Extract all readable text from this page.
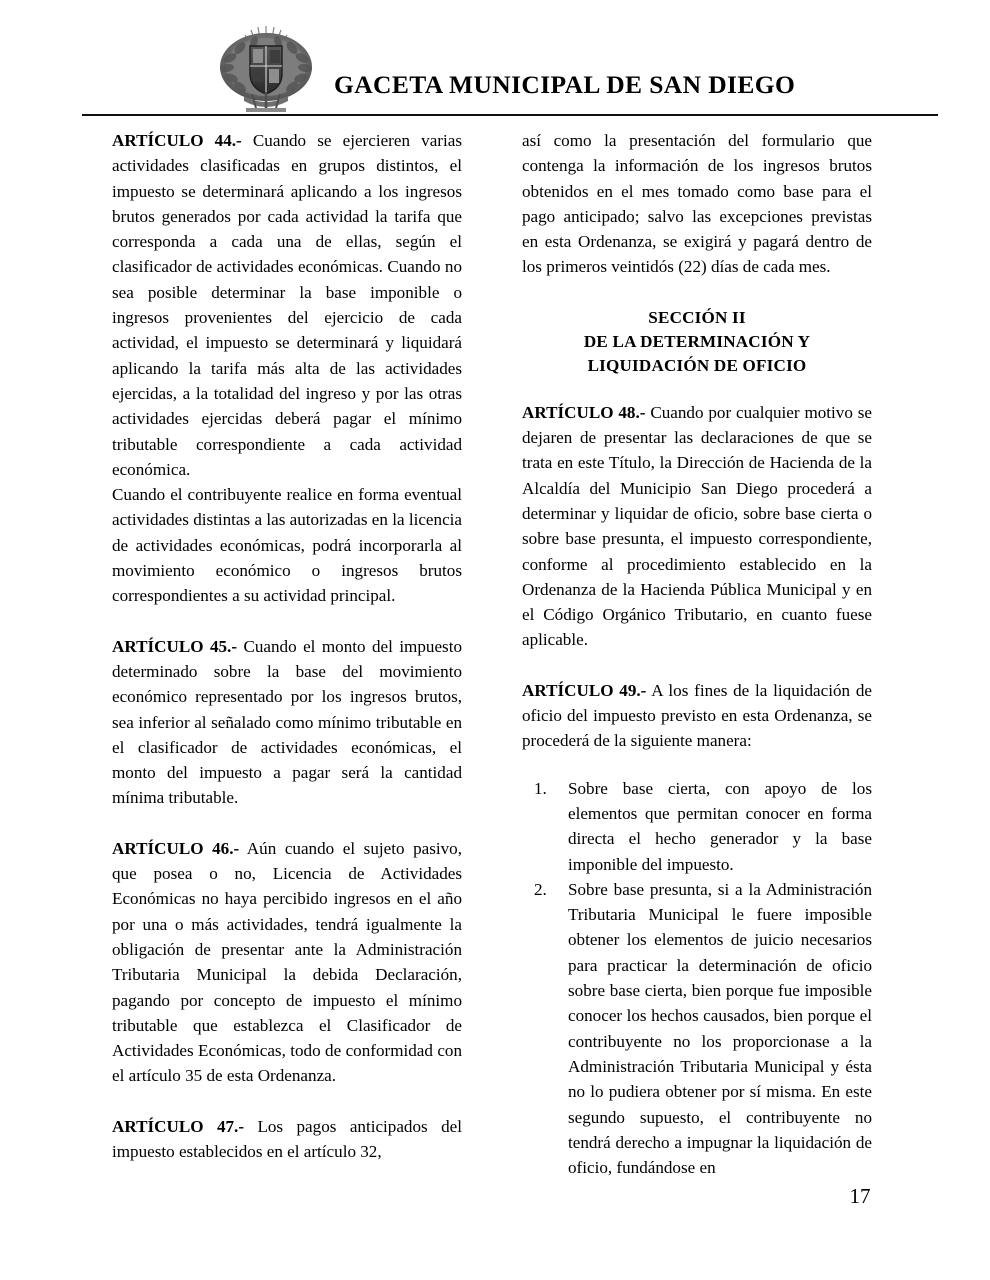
GACETA MUNICIPAL DE SAN DIEGO

ARTÍCULO 44.- Cuando se ejercieren varias actividades clasificadas en grupos distintos, el impuesto se determinará aplicando a los ingresos brutos generados por cada actividad la tarifa que corresponda a cada una de ellas, según el clasificador de actividades económicas. Cuando no sea posible determinar la base imponible o ingresos provenientes del ejercicio de cada actividad, el impuesto se determinará y liquidará aplicando la tarifa más alta de las actividades ejercidas, a la totalidad del ingreso y por las otras actividades ejercidas deberá pagar el mínimo tributable correspondiente a cada actividad económica.

Cuando el contribuyente realice en forma eventual actividades distintas a las autorizadas en la licencia de actividades económicas, podrá incorporarla al movimiento económico o ingresos brutos correspondientes a su actividad principal.

ARTÍCULO 45.- Cuando el monto del impuesto determinado sobre la base del movimiento económico representado por los ingresos brutos, sea inferior al señalado como mínimo tributable en el clasificador de actividades económicas, el monto del impuesto a pagar será la cantidad mínima tributable.

ARTÍCULO 46.- Aún cuando el sujeto pasivo, que posea o no, Licencia de Actividades Económicas no haya percibido ingresos en el año por una o más actividades, tendrá igualmente la obligación de presentar ante la Administración Tributaria Municipal la debida Declaración, pagando por concepto de impuesto el mínimo tributable que establezca el Clasificador de Actividades Económicas, todo de conformidad con el artículo 35 de esta Ordenanza.

ARTÍCULO 47.- Los pagos anticipados del impuesto establecidos en el artículo 32,

así como la presentación del formulario que contenga la información de los ingresos brutos obtenidos en el mes tomado como base para el pago anticipado; salvo las excepciones previstas en esta Ordenanza, se exigirá y pagará dentro de los primeros veintidós (22) días de cada mes.

SECCIÓN II
DE LA DETERMINACIÓN Y
LIQUIDACIÓN DE OFICIO

ARTÍCULO 48.- Cuando por cualquier motivo se dejaren de presentar las declaraciones de que se trata en este Título, la Dirección de Hacienda de la Alcaldía del Municipio San Diego procederá a determinar y liquidar de oficio, sobre base cierta o sobre base presunta, el impuesto correspondiente, conforme al procedimiento establecido en la Ordenanza de la Hacienda Pública Municipal y en el Código Orgánico Tributario, en cuanto fuese aplicable.

ARTÍCULO 49.- A los fines de la liquidación de oficio del impuesto previsto en esta Ordenanza, se procederá de la siguiente manera:

1.	Sobre base cierta, con apoyo de los elementos que permitan conocer en forma directa el hecho generador y la base imponible del impuesto.
2.	Sobre base presunta, si a la Administración Tributaria Municipal le fuere imposible obtener los elementos de juicio necesarios para practicar la determinación de oficio sobre base cierta, bien porque fue imposible conocer los hechos causados, bien porque el contribuyente no los proporcionase a la Administración Tributaria Municipal y ésta no lo pudiera obtener por sí misma. En este segundo supuesto, el contribuyente no tendrá derecho a impugnar la liquidación de oficio, fundándose en
17
